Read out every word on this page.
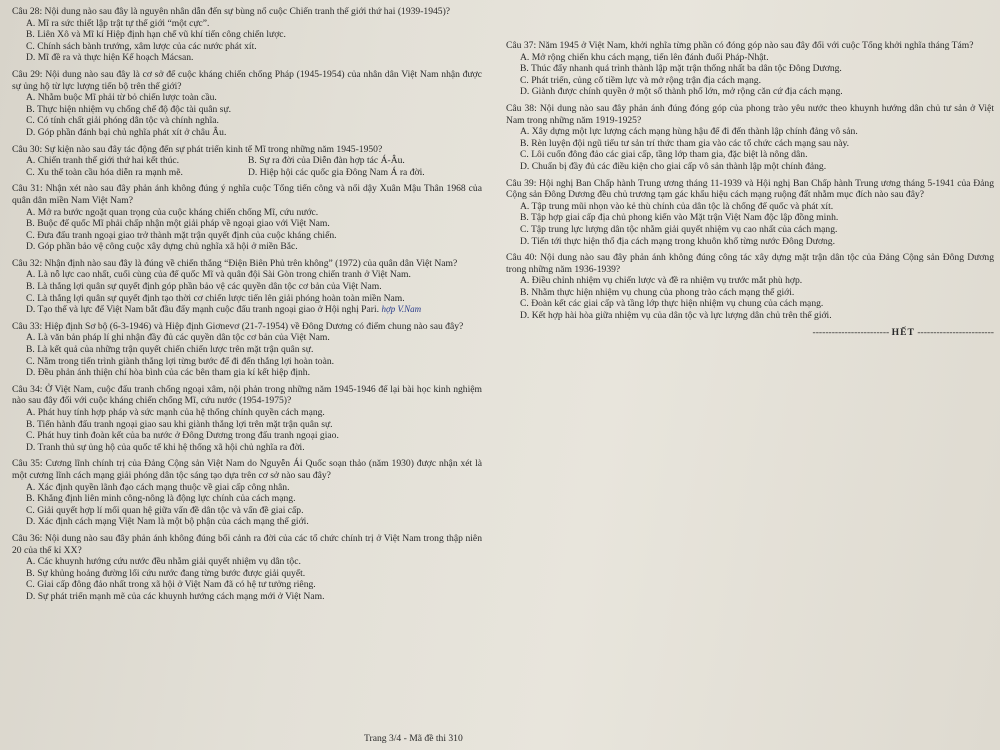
Câu 28: Nội dung nào sau đây là nguyên nhân dẫn đến sự bùng nổ cuộc Chiến tranh thế giới thứ hai (1939-1945)?
A. Mĩ ra sức thiết lập trật tự thế giới “một cực”.
B. Liên Xô và Mĩ kí Hiệp định hạn chế vũ khí tiến công chiến lược.
C. Chính sách bành trướng, xâm lược của các nước phát xít.
D. Mĩ đề ra và thực hiện Kế hoạch Mácsan.
Câu 29: Nội dung nào sau đây là cơ sở để cuộc kháng chiến chống Pháp (1945-1954) của nhân dân Việt Nam nhận được sự ủng hộ từ lực lượng tiến bộ trên thế giới?
A. Nhằm buộc Mĩ phải từ bỏ chiến lược toàn cầu.
B. Thực hiện nhiệm vụ chống chế độ độc tài quân sự.
C. Có tính chất giải phóng dân tộc và chính nghĩa.
D. Góp phần đánh bại chủ nghĩa phát xít ở châu Âu.
Câu 30: Sự kiện nào sau đây tác động đến sự phát triển kinh tế Mĩ trong những năm 1945-1950?
A. Chiến tranh thế giới thứ hai kết thúc.	B. Sự ra đời của Diễn đàn hợp tác Á-Âu.
C. Xu thế toàn cầu hóa diễn ra mạnh mẽ.	D. Hiệp hội các quốc gia Đông Nam Á ra đời.
Câu 31: Nhận xét nào sau đây phản ánh không đúng ý nghĩa cuộc Tổng tiến công và nổi dậy Xuân Mậu Thân 1968 của quân dân miền Nam Việt Nam?
A. Mở ra bước ngoặt quan trọng của cuộc kháng chiến chống Mĩ, cứu nước.
B. Buộc đế quốc Mĩ phải chấp nhận một giải pháp về ngoại giao với Việt Nam.
C. Đưa đấu tranh ngoại giao trở thành mặt trận quyết định của cuộc kháng chiến.
D. Góp phần bảo vệ công cuộc xây dựng chủ nghĩa xã hội ở miền Bắc.
Câu 32: Nhận định nào sau đây là đúng về chiến thắng “Điện Biên Phủ trên không” (1972) của quân dân Việt Nam?
A. Là nỗ lực cao nhất, cuối cùng của đế quốc Mĩ và quân đội Sài Gòn trong chiến tranh ở Việt Nam.
B. Là thắng lợi quân sự quyết định góp phần bảo vệ các quyền dân tộc cơ bản của Việt Nam.
C. Là thắng lợi quân sự quyết định tạo thời cơ chiến lược tiến lên giải phóng hoàn toàn miền Nam.
D. Tạo thế và lực để Việt Nam bắt đầu đẩy mạnh cuộc đấu tranh ngoại giao ở Hội nghị Pari. hợp V.Nam
Câu 33: Hiệp định Sơ bộ (6-3-1946) và Hiệp định Giơnevơ (21-7-1954) về Đông Dương có điểm chung nào sau đây?
A. Là văn bản pháp lí ghi nhận đầy đủ các quyền dân tộc cơ bản của Việt Nam.
B. Là kết quả của những trận quyết chiến chiến lược trên mặt trận quân sự.
C. Nằm trong tiến trình giành thắng lợi từng bước để đi đến thắng lợi hoàn toàn.
D. Đều phản ánh thiện chí hòa bình của các bên tham gia kí kết hiệp định.
Câu 34: Ở Việt Nam, cuộc đấu tranh chống ngoại xâm, nội phản trong những năm 1945-1946 để lại bài học kinh nghiệm nào sau đây đối với cuộc kháng chiến chống Mĩ, cứu nước (1954-1975)?
A. Phát huy tính hợp pháp và sức mạnh của hệ thống chính quyền cách mạng.
B. Tiến hành đấu tranh ngoại giao sau khi giành thắng lợi trên mặt trận quân sự.
C. Phát huy tinh đoàn kết của ba nước ở Đông Dương trong đấu tranh ngoại giao.
D. Tranh thủ sự ủng hộ của quốc tế khi hệ thống xã hội chủ nghĩa ra đời.
Câu 35: Cương lĩnh chính trị của Đảng Cộng sản Việt Nam do Nguyễn Ái Quốc soạn thảo (năm 1930) được nhận xét là một cương lĩnh cách mạng giải phóng dân tộc sáng tạo dựa trên cơ sở nào sau đây?
A. Xác định quyền lãnh đạo cách mạng thuộc về giai cấp công nhân.
B. Khẳng định liên minh công-nông là động lực chính của cách mạng.
C. Giải quyết hợp lí mối quan hệ giữa vấn đề dân tộc và vấn đề giai cấp.
D. Xác định cách mạng Việt Nam là một bộ phận của cách mạng thế giới.
Câu 36: Nội dung nào sau đây phản ánh không đúng bối cảnh ra đời của các tổ chức chính trị ở Việt Nam trong thập niên 20 của thế kỉ XX?
A. Các khuynh hướng cứu nước đều nhằm giải quyết nhiệm vụ dân tộc.
B. Sự khủng hoảng đường lối cứu nước đang từng bước được giải quyết.
C. Giai cấp đông đảo nhất trong xã hội ở Việt Nam đã có hệ tư tưởng riêng.
D. Sự phát triển mạnh mẽ của các khuynh hướng cách mạng mới ở Việt Nam.
Câu 37: Năm 1945 ở Việt Nam, khởi nghĩa từng phần có đóng góp nào sau đây đối với cuộc Tổng khởi nghĩa tháng Tám?
A. Mở rộng chiến khu cách mạng, tiến lên đánh đuổi Pháp-Nhật.
B. Thúc đẩy nhanh quá trình thành lập mặt trận thống nhất ba dân tộc Đông Dương.
C. Phát triển, củng cố tiềm lực và mở rộng trận địa cách mạng.
D. Giành được chính quyền ở một số thành phố lớn, mở rộng căn cứ địa cách mạng.
Câu 38: Nội dung nào sau đây phản ánh đúng đóng góp của phong trào yêu nước theo khuynh hướng dân chủ tư sản ở Việt Nam trong những năm 1919-1925?
A. Xây dựng một lực lượng cách mạng hùng hậu để đi đến thành lập chính đảng vô sản.
B. Rèn luyện đội ngũ tiểu tư sản trí thức tham gia vào các tổ chức cách mạng sau này.
C. Lôi cuốn đông đảo các giai cấp, tầng lớp tham gia, đặc biệt là nông dân.
D. Chuẩn bị đầy đủ các điều kiện cho giai cấp vô sản thành lập một chính đảng.
Câu 39: Hội nghị Ban Chấp hành Trung ương tháng 11-1939 và Hội nghị Ban Chấp hành Trung ương tháng 5-1941 của Đảng Cộng sản Đông Dương đều chủ trương tạm gác khẩu hiệu cách mạng ruộng đất nhằm mục đích nào sau đây?
A. Tập trung mũi nhọn vào kẻ thù chính của dân tộc là chống đế quốc và phát xít.
B. Tập hợp giai cấp địa chủ phong kiến vào Mặt trận Việt Nam độc lập đồng minh.
C. Tập trung lực lượng dân tộc nhằm giải quyết nhiệm vụ cao nhất của cách mạng.
D. Tiến tới thực hiện thổ địa cách mạng trong khuôn khổ từng nước Đông Dương.
Câu 40: Nội dung nào sau đây phản ánh không đúng công tác xây dựng mặt trận dân tộc của Đảng Cộng sản Đông Dương trong những năm 1936-1939?
A. Điều chỉnh nhiệm vụ chiến lược và đề ra nhiệm vụ trước mắt phù hợp.
B. Nhằm thực hiện nhiệm vụ chung của phong trào cách mạng thế giới.
C. Đoàn kết các giai cấp và tầng lớp thực hiện nhiệm vụ chung của cách mạng.
D. Kết hợp hài hòa giữa nhiệm vụ của dân tộc và lực lượng dân chủ trên thế giới.
------------------------ HẾT ------------------------
Trang 3/4 - Mã đề thi 310
